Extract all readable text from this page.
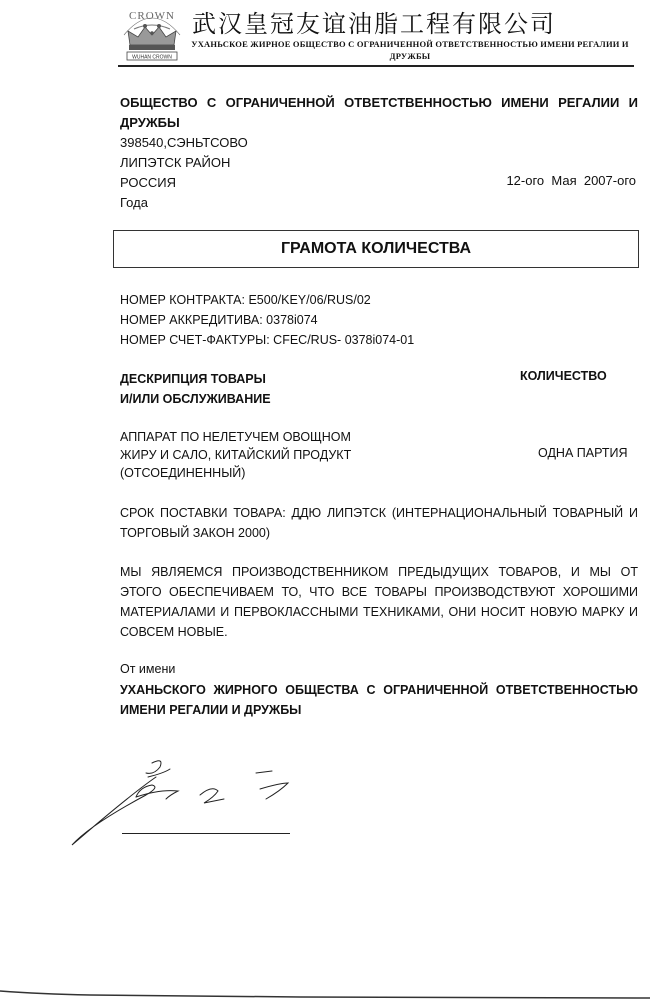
CROWN
WUHAN CROWN
武汉皇冠友谊油脂工程有限公司
УХАНЬСКОЕ ЖИРНОЕ ОБЩЕСТВО С ОГРАНИЧЕННОЙ ОТВЕТСТВЕННОСТЬЮ ИМЕНИ РЕГАЛИИ И ДРУЖБЫ
ОБЩЕСТВО С ОГРАНИЧЕННОЙ ОТВЕТСТВЕННОСТЬЮ ИМЕНИ РЕГАЛИИ И ДРУЖБЫ
398540,СЭНЬТСОВО
ЛИПЭТСК РАЙОН
РОССИЯ
Года
12-ого  Мая  2007-ого
ГРАМОТА КОЛИЧЕСТВА
НОМЕР КОНТРАКТА: E500/KEY/06/RUS/02
НОМЕР АККРЕДИТИВА: 0378i074
НОМЕР СЧЕТ-ФАКТУРЫ: CFEC/RUS- 0378i074-01
ДЕСКРИПЦИЯ ТОВАРЫ
И/ИЛИ ОБСЛУЖИВАНИЕ
КОЛИЧЕСТВО
АППАРАТ ПО НЕЛЕТУЧЕМ ОВОЩНОМ
ЖИРУ И САЛО, КИТАЙСКИЙ ПРОДУКТ
(ОТСОЕДИНЕННЫЙ)
ОДНА ПАРТИЯ
СРОК ПОСТАВКИ ТОВАРА: ДДЮ ЛИПЭТСК (ИНТЕРНАЦИОНАЛЬНЫЙ ТОВАРНЫЙ И ТОРГОВЫЙ ЗАКОН 2000)
МЫ ЯВЛЯЕМСЯ ПРОИЗВОДСТВЕННИКОМ ПРЕДЫДУЩИХ ТОВАРОВ, И МЫ ОТ ЭТОГО ОБЕСПЕЧИВАЕМ ТО, ЧТО ВСЕ ТОВАРЫ ПРОИЗВОДСТВУЮТ ХОРОШИМИ МАТЕРИАЛАМИ И ПЕРВОКЛАССНЫМИ ТЕХНИКАМИ, ОНИ НОСИТ НОВУЮ МАРКУ И СОВСЕМ НОВЫЕ.
От имени
УХАНЬСКОГО ЖИРНОГО ОБЩЕСТВА С ОГРАНИЧЕННОЙ ОТВЕТСТВЕННОСТЬЮ ИМЕНИ РЕГАЛИИ И ДРУЖБЫ
